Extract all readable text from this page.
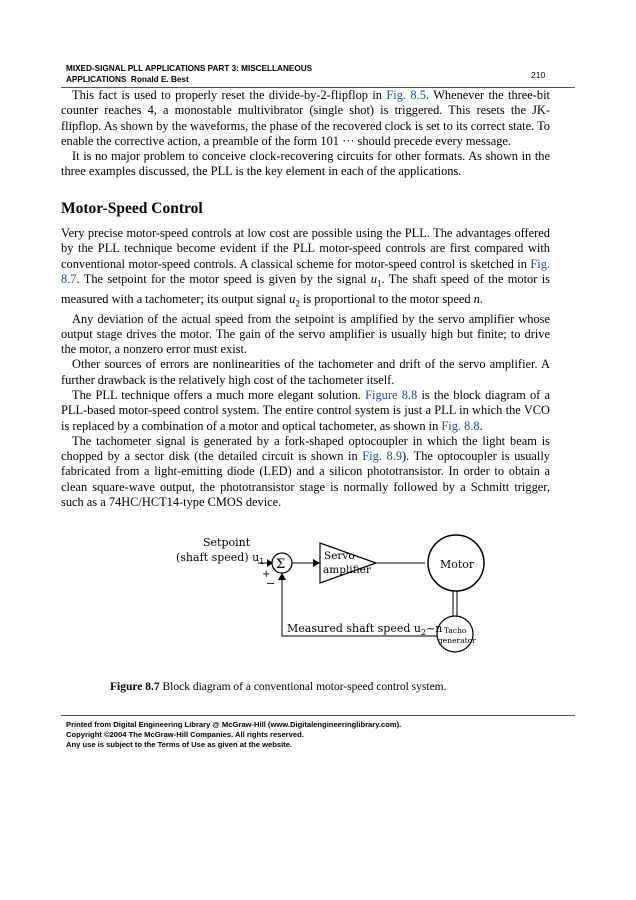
MIXED-SIGNAL PLL APPLICATIONS PART 3: MISCELLANEOUS
APPLICATIONS Ronald E. Best	210

This fact is used to properly reset the divide-by-2-flipflop in Fig. 8.5. Whenever the three-bit counter reaches 4, a monostable multivibrator (single shot) is triggered. This resets the JK-flipflop. As shown by the waveforms, the phase of the recovered clock is set to its correct state. To enable the corrective action, a preamble of the form 101 ··· should precede every message.

It is no major problem to conceive clock-recovering circuits for other formats. As shown in the three examples discussed, the PLL is the key element in each of the applications.

Motor-Speed Control

Very precise motor-speed controls at low cost are possible using the PLL. The advantages offered by the PLL technique become evident if the PLL motor-speed controls are first compared with conventional motor-speed controls. A classical scheme for motor-speed control is sketched in Fig. 8.7. The setpoint for the motor speed is given by the signal $u_1$. The shaft speed of the motor is measured with a tachometer; its output signal $u_2$ is proportional to the motor speed n.

Any deviation of the actual speed from the setpoint is amplified by the servo amplifier whose output stage drives the motor. The gain of the servo amplifier is usually high but finite; to drive the motor, a nonzero error must exist.

Other sources of errors are nonlinearities of the tachometer and drift of the servo amplifier. A further drawback is the relatively high cost of the tachometer itself.

The PLL technique offers a much more elegant solution. Figure 8.8 is the block diagram of a PLL-based motor-speed control system. The entire control system is just a PLL in which the VCO is replaced by a combination of a motor and optical tachometer, as shown in Fig. 8.8.

The tachometer signal is generated by a fork-shaped optocoupler in which the light beam is chopped by a sector disk (the detailed circuit is shown in Fig. 8.9). The optocoupler is usually fabricated from a light-emitting diode (LED) and a silicon phototransistor. In order to obtain a clean square-wave output, the phototransistor stage is normally followed by a Schmitt trigger, such as a 74HC/HCT14-type CMOS device.

Setpoint
(shaft speed) $u_1$ Σ
+
−
Servo
amplifier	Motor
Tacho
generator
Measured shaft speed $u_2\sim n$
Figure 8.7 Block diagram of a conventional motor-speed control system.
Printed from Digital Engineering Library @ McGraw-Hill (www.Digitalengineeringlibrary.com).
Copyright ©2004 The McGraw-Hill Companies. All rights reserved.
Any use is subject to the Terms of Use as given at the website.
